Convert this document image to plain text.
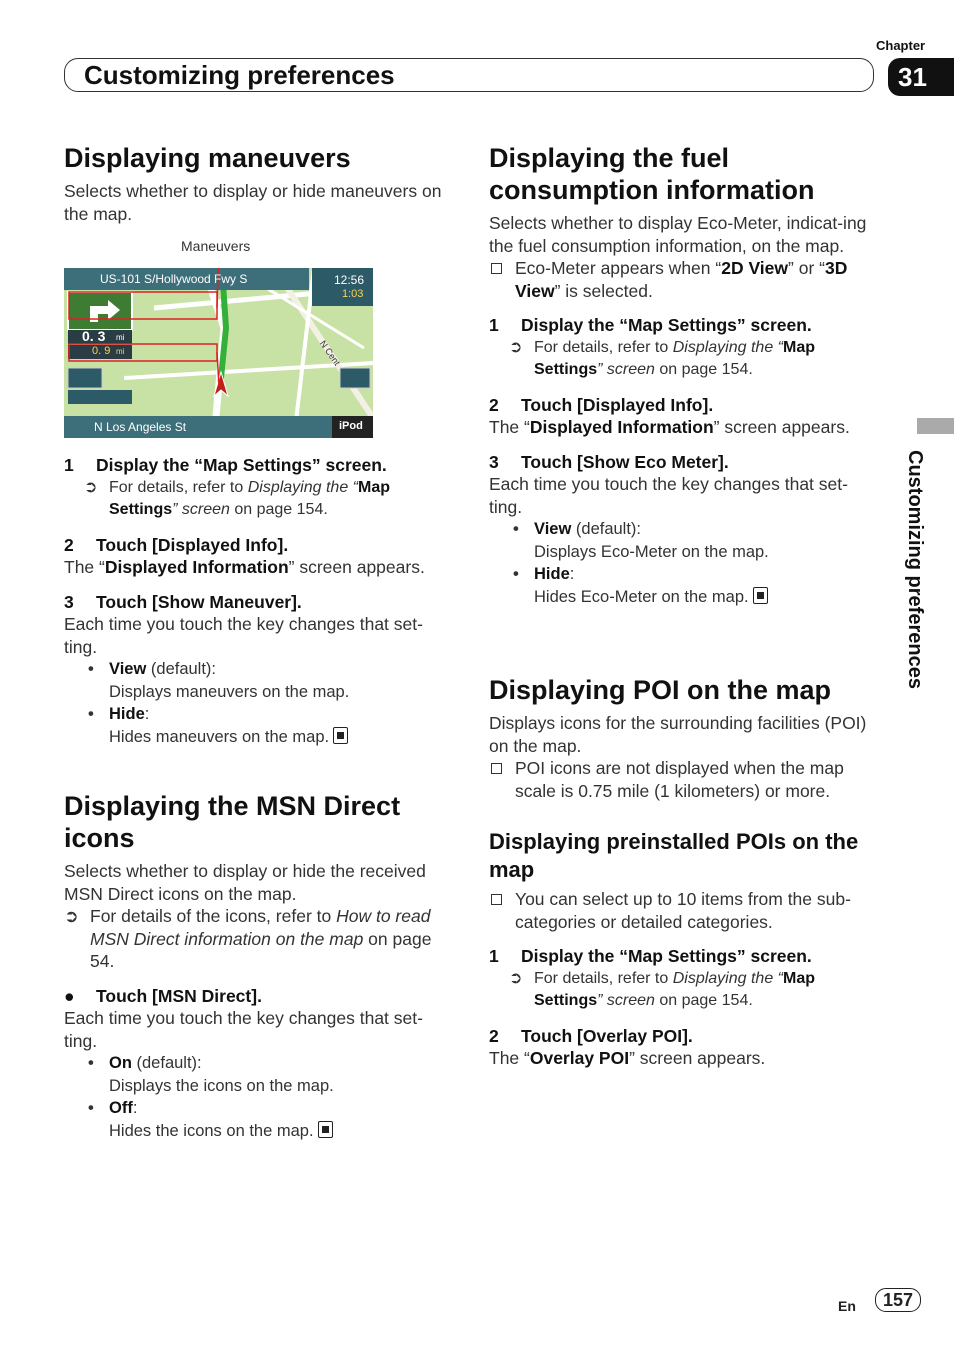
Chapter
Customizing preferences	31
Customizing preferences
Displaying maneuvers

Selects whether to display or hide maneuvers on the map.

Maneuvers
US-101 S/Hollywood Fwy S	12:56
1:03
0. 3 mi
0. 9 mi	N Cent
N Los Angeles St	iPod

1 Display the “Map Settings” screen.

➲ For details, refer to Displaying the “Map Settings” screen on page 154.

2 Touch [Displayed Info].

The “Displayed Information” screen appears.

3 Touch [Show Maneuver].

Each time you touch the key changes that set-ting.

• View (default):

Displays maneuvers on the map.

• Hide:

Hides maneuvers on the map.

Displaying the MSN Direct icons

Selects whether to display or hide the received MSN Direct icons on the map.

➲ For details of the icons, refer to How to read MSN Direct information on the map on page 54.

● Touch [MSN Direct].

Each time you touch the key changes that set-ting.

• On (default):

Displays the icons on the map.

• Off:

Hides the icons on the map.

Displaying the fuel consumption information

Selects whether to display Eco-Meter, indicat-ing the fuel consumption information, on the map.

Eco-Meter appears when “2D View” or “3D View” is selected.

1 Display the “Map Settings” screen.

➲ For details, refer to Displaying the “Map Settings” screen on page 154.

2 Touch [Displayed Info].

The “Displayed Information” screen appears.

3 Touch [Show Eco Meter].

Each time you touch the key changes that set-ting.

• View (default):

Displays Eco-Meter on the map.

• Hide:

Hides Eco-Meter on the map.

Displaying POI on the map

Displays icons for the surrounding facilities (POI) on the map.

POI icons are not displayed when the map scale is 0.75 mile (1 kilometers) or more.

Displaying preinstalled POIs on the map

You can select up to 10 items from the sub-categories or detailed categories.

1 Display the “Map Settings” screen.

➲ For details, refer to Displaying the “Map Settings” screen on page 154.

2 Touch [Overlay POI].

The “Overlay POI” screen appears.

En	157
